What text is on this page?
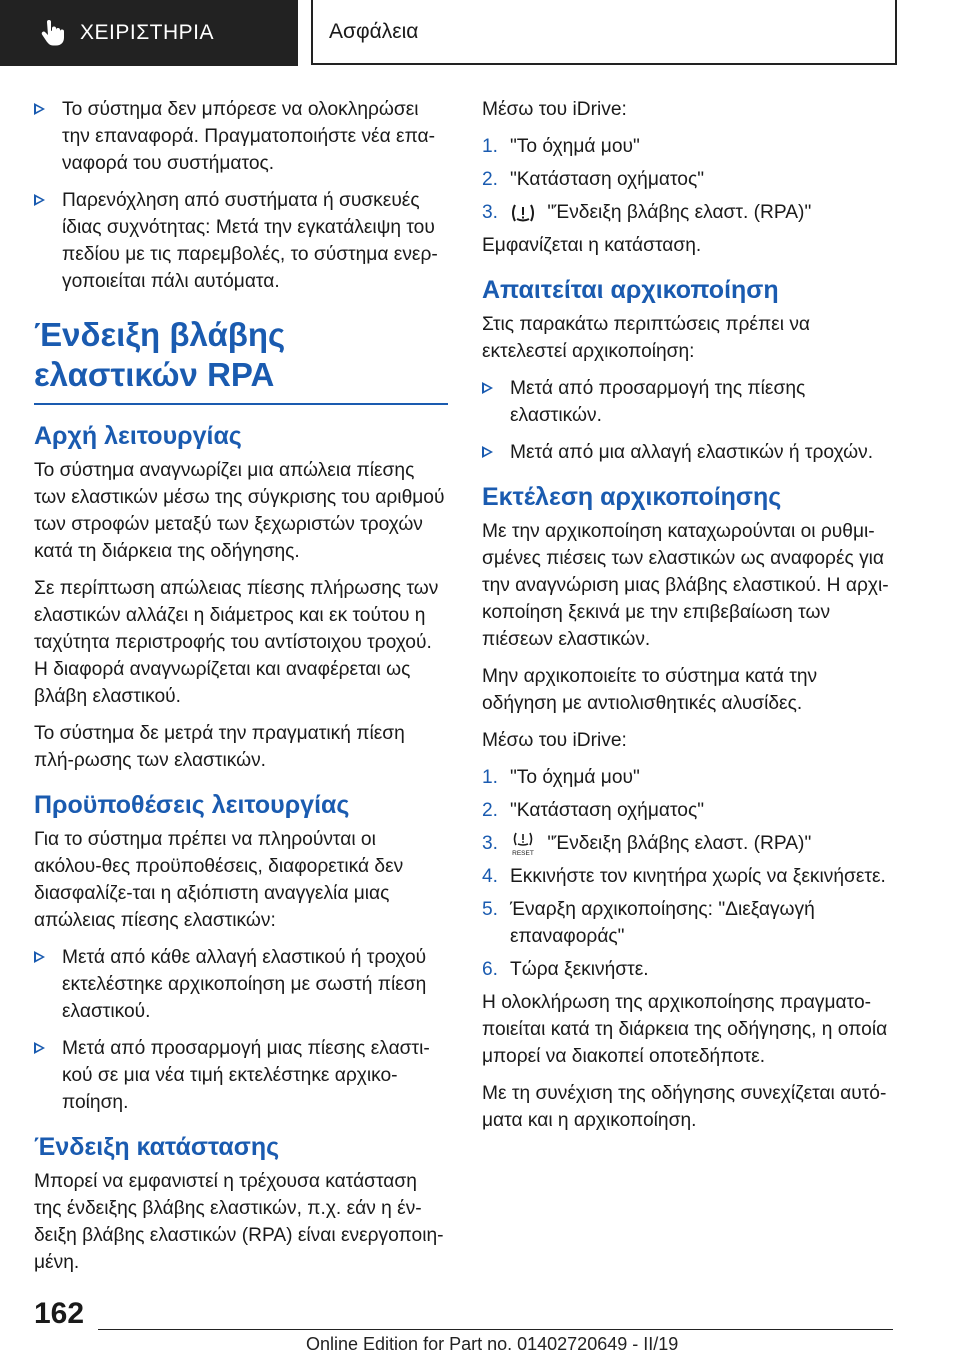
ΧΕΙΡΙΣΤΗΡΙΑ	Ασφάλεια
Το σύστημα δεν μπόρεσε να ολοκληρώσει την επαναφορά. Πραγματοποιήστε νέα επα-ναφορά του συστήματος.
Παρενόχληση από συστήματα ή συσκευές ίδιας συχνότητας: Μετά την εγκατάλειψη του πεδίου με τις παρεμβολές, το σύστημα ενερ-γοποιείται πάλι αυτόματα.
Ένδειξη βλάβης ελαστικών RPA
Αρχή λειτουργίας

Το σύστημα αναγνωρίζει μια απώλεια πίεσης των ελαστικών μέσω της σύγκρισης του αριθμού των στροφών μεταξύ των ξεχωριστών τροχών κατά τη διάρκεια της οδήγησης.

Σε περίπτωση απώλειας πίεσης πλήρωσης των ελαστικών αλλάζει η διάμετρος και εκ τούτου η ταχύτητα περιστροφής του αντίστοιχου τροχού. Η διαφορά αναγνωρίζεται και αναφέρεται ως βλάβη ελαστικού.

Το σύστημα δε μετρά την πραγματική πίεση πλή-ρωσης των ελαστικών.

Προϋποθέσεις λειτουργίας

Για το σύστημα πρέπει να πληρούνται οι ακόλου-θες προϋποθέσεις, διαφορετικά δεν διασφαλίζε-ται η αξιόπιστη αναγγελία μιας απώλειας πίεσης ελαστικών:

Μετά από κάθε αλλαγή ελαστικού ή τροχού εκτελέστηκε αρχικοποίηση με σωστή πίεση ελαστικού.
Μετά από προσαρμογή μιας πίεσης ελαστι-κού σε μια νέα τιμή εκτελέστηκε αρχικο-ποίηση.
Ένδειξη κατάστασης

Μπορεί να εμφανιστεί η τρέχουσα κατάσταση της ένδειξης βλάβης ελαστικών, π.χ. εάν η έν-δειξη βλάβης ελαστικών (RPA) είναι ενεργοποιη-μένη.

Μέσω του iDrive:

1. "Το όχημά μου"
2. "Κατάσταση οχήματος"
3.	"Ένδειξη βλάβης ελαστ. (RPA)"

Εμφανίζεται η κατάσταση.

Απαιτείται αρχικοποίηση

Στις παρακάτω περιπτώσεις πρέπει να εκτελεστεί αρχικοποίηση:

Μετά από προσαρμογή της πίεσης ελαστικών.
Μετά από μια αλλαγή ελαστικών ή τροχών.
Εκτέλεση αρχικοποίησης

Με την αρχικοποίηση καταχωρούνται οι ρυθμι-σμένες πιέσεις των ελαστικών ως αναφορές για την αναγνώριση μιας βλάβης ελαστικού. Η αρχι-κοποίηση ξεκινά με την επιβεβαίωση των πιέσεων ελαστικών.

Μην αρχικοποιείτε το σύστημα κατά την οδήγηση με αντιολισθητικές αλυσίδες.

Μέσω του iDrive:

1. "Το όχημά μου"
2. "Κατάσταση οχήματος"
3. RESET "Ένδειξη βλάβης ελαστ. (RPA)"
4. Εκκινήστε τον κινητήρα χωρίς να ξεκινήσετε.
5. Έναρξη αρχικοποίησης: "Διεξαγωγή επαναφοράς"
6. Τώρα ξεκινήστε.

Η ολοκλήρωση της αρχικοποίησης πραγματο-ποιείται κατά τη διάρκεια της οδήγησης, η οποία μπορεί να διακοπεί οποτεδήποτε.

Με τη συνέχιση της οδήγησης συνεχίζεται αυτό-ματα και η αρχικοποίηση.

162
Online Edition for Part no. 01402720649 - II/19
